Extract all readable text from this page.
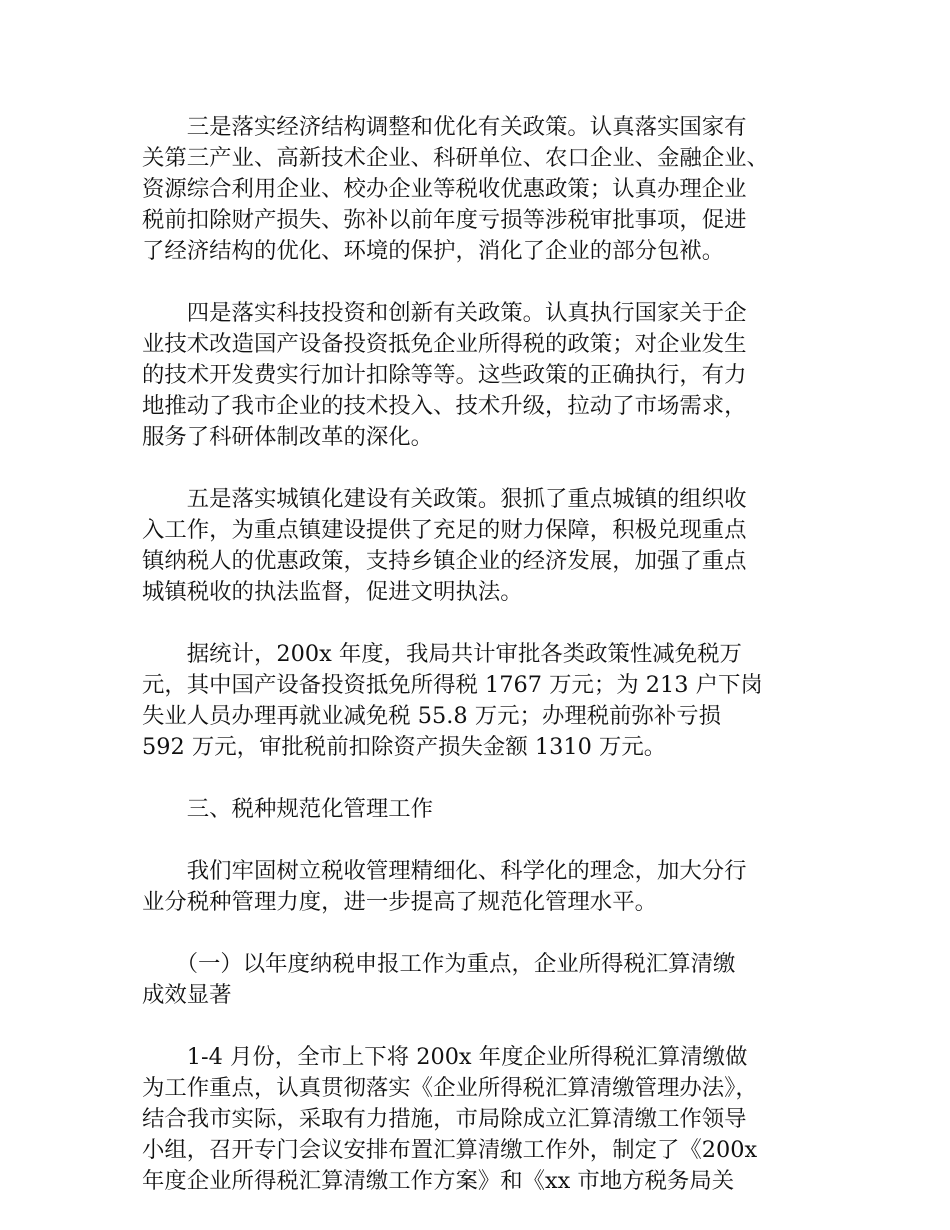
　　三是落实经济结构调整和优化有关政策。认真落实国家有
关第三产业、高新技术企业、科研单位、农口企业、金融企业、
资源综合利用企业、校办企业等税收优惠政策；认真办理企业
税前扣除财产损失、弥补以前年度亏损等涉税审批事项，促进
了经济结构的优化、环境的保护，消化了企业的部分包袱。
　　四是落实科技投资和创新有关政策。认真执行国家关于企
业技术改造国产设备投资抵免企业所得税的政策；对企业发生
的技术开发费实行加计扣除等等。这些政策的正确执行，有力
地推动了我市企业的技术投入、技术升级，拉动了市场需求，
服务了科研体制改革的深化。
　　五是落实城镇化建设有关政策。狠抓了重点城镇的组织收
入工作，为重点镇建设提供了充足的财力保障，积极兑现重点
镇纳税人的优惠政策，支持乡镇企业的经济发展，加强了重点
城镇税收的执法监督，促进文明执法。
　　据统计，200x 年度，我局共计审批各类政策性减免税万
元，其中国产设备投资抵免所得税 1767 万元；为 213 户下岗
失业人员办理再就业减免税 55.8 万元；办理税前弥补亏损
592 万元，审批税前扣除资产损失金额 1310 万元。
　　三、税种规范化管理工作
　　我们牢固树立税收管理精细化、科学化的理念，加大分行
业分税种管理力度，进一步提高了规范化管理水平。
　　（一）以年度纳税申报工作为重点，企业所得税汇算清缴
成效显著
　　1-4 月份，全市上下将 200x 年度企业所得税汇算清缴做
为工作重点，认真贯彻落实《企业所得税汇算清缴管理办法》，
结合我市实际，采取有力措施，市局除成立汇算清缴工作领导
小组，召开专门会议安排布置汇算清缴工作外，制定了《200x
年度企业所得税汇算清缴工作方案》和《xx 市地方税务局关
